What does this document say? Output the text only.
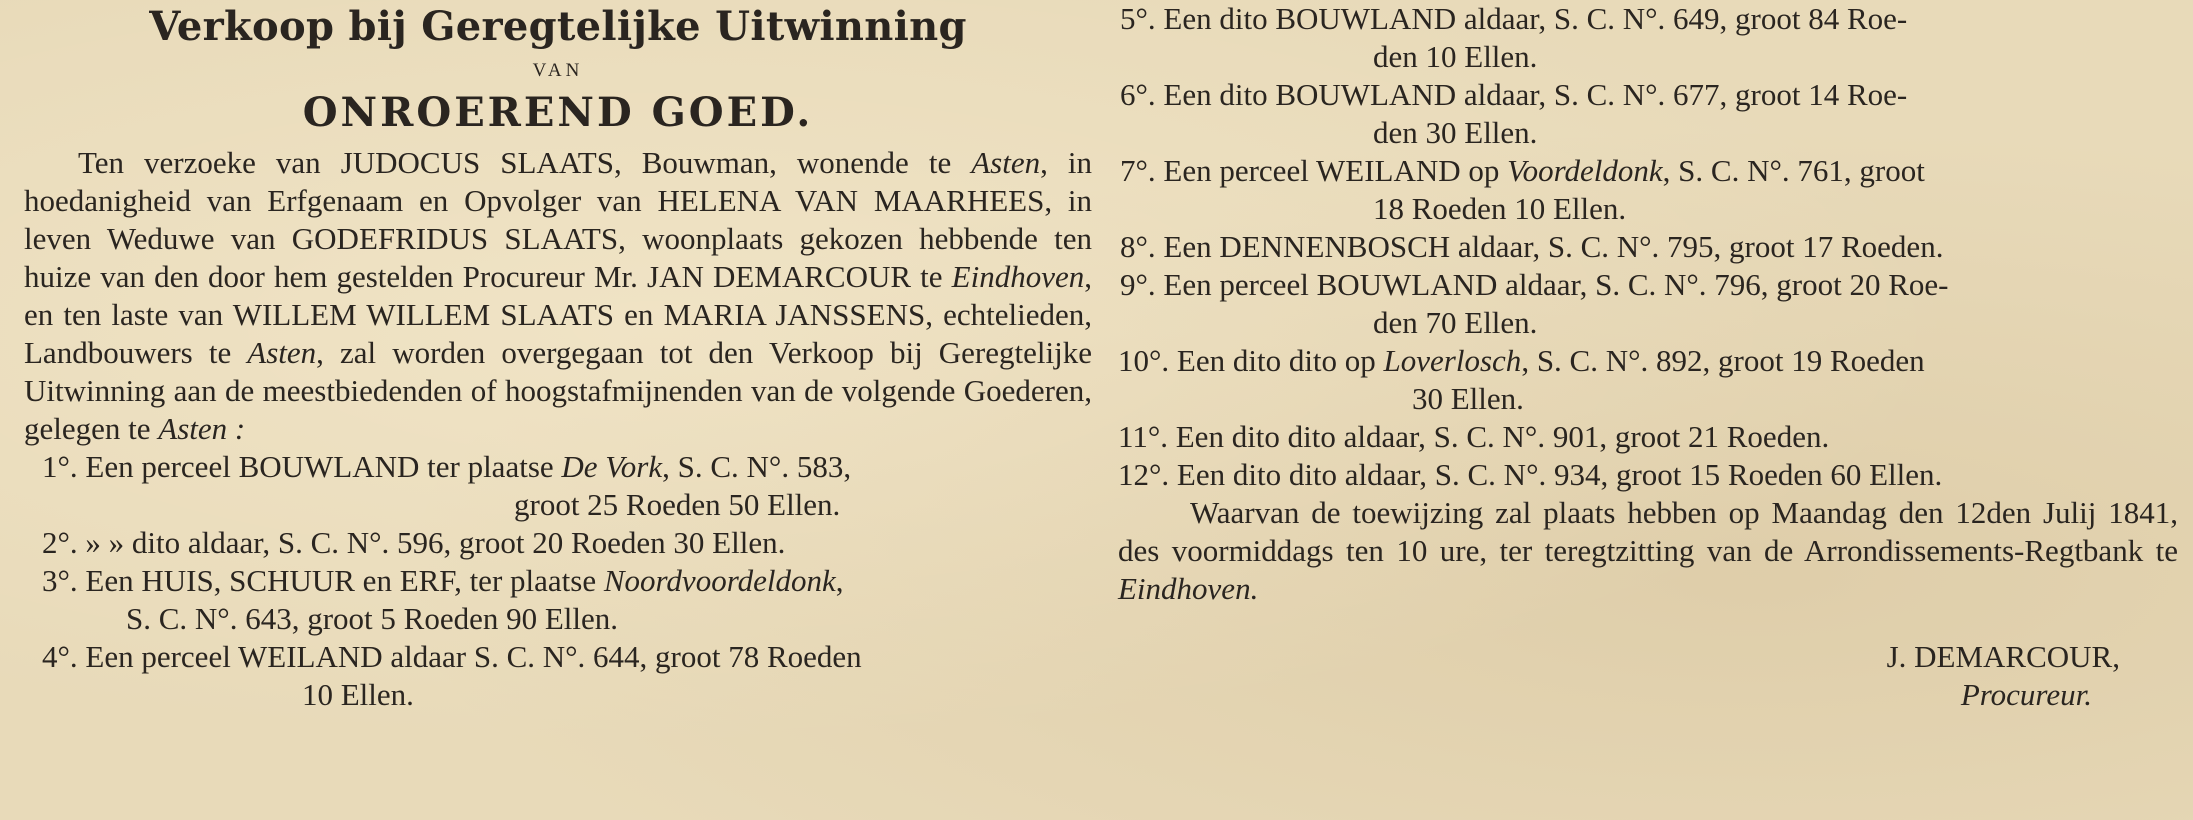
Verkoop bij Geregtelijke Uitwinning
VAN
ONROEREND GOED.

Ten verzoeke van JUDOCUS SLAATS, Bouwman, wonende te Asten, in hoedanigheid van Erfgenaam en Opvolger van HELENA VAN MAARHEES, in leven Weduwe van GODEFRIDUS SLAATS, woonplaats gekozen hebbende ten huize van den door hem gestelden Procureur Mr. JAN DEMARCOUR te Eindhoven, en ten laste van WILLEM WILLEM SLAATS en MARIA JANSSENS, echtelieden, Landbouwers te Asten, zal worden overgegaan tot den Verkoop bij Geregtelijke Uitwinning aan de meestbiedenden of hoogstafmijnenden van de volgende Goederen, gelegen te Asten :

1°. Een perceel BOUWLAND ter plaatse De Vork, S. C. N°. 583,

groot 25 Roeden 50 Ellen.

2°. » » dito aldaar, S. C. N°. 596, groot 20 Roeden 30 Ellen.

3°. Een HUIS, SCHUUR en ERF, ter plaatse Noordvoordeldonk,

S. C. N°. 643, groot 5 Roeden 90 Ellen.

4°. Een perceel WEILAND aldaar S. C. N°. 644, groot 78 Roeden

10 Ellen.

5°. Een dito BOUWLAND aldaar, S. C. N°. 649, groot 84 Roe-

den 10 Ellen.

6°. Een dito BOUWLAND aldaar, S. C. N°. 677, groot 14 Roe-

den 30 Ellen.

7°. Een perceel WEILAND op Voordeldonk, S. C. N°. 761, groot

18 Roeden 10 Ellen.

8°. Een DENNENBOSCH aldaar, S. C. N°. 795, groot 17 Roeden.

9°. Een perceel BOUWLAND aldaar, S. C. N°. 796, groot 20 Roe-

den 70 Ellen.

10°. Een dito dito op Loverlosch, S. C. N°. 892, groot 19 Roeden

30 Ellen.

11°. Een dito dito aldaar, S. C. N°. 901, groot 21 Roeden.

12°. Een dito dito aldaar, S. C. N°. 934, groot 15 Roeden 60 Ellen.

Waarvan de toewijzing zal plaats hebben op Maandag den 12den Julij 1841, des voormiddags ten 10 ure, ter teregtzitting van de Arrondissements-Regtbank te Eindhoven.

J. DEMARCOUR,

Procureur.
